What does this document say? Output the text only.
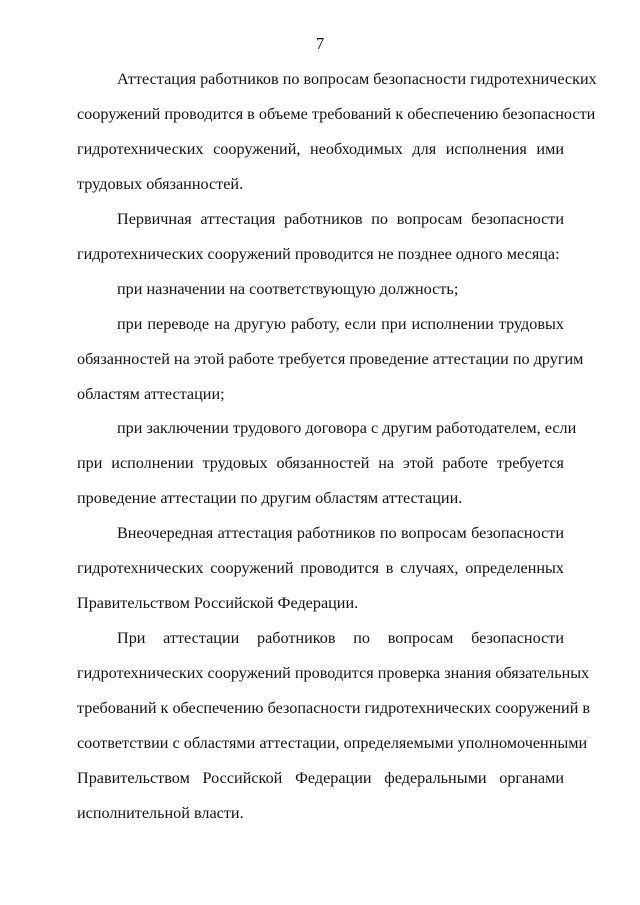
7
Аттестация работников по вопросам безопасности гидротехнических
сооружений проводится в объеме требований к обеспечению безопасности
гидротехнических сооружений, необходимых для исполнения ими
трудовых обязанностей.
Первичная аттестация работников по вопросам безопасности
гидротехнических сооружений проводится не позднее одного месяца:
при назначении на соответствующую должность;
при переводе на другую работу, если при исполнении трудовых
обязанностей на этой работе требуется проведение аттестации по другим
областям аттестации;
при заключении трудового договора с другим работодателем, если
при исполнении трудовых обязанностей на этой работе требуется
проведение аттестации по другим областям аттестации.
Внеочередная аттестация работников по вопросам безопасности
гидротехнических сооружений проводится в случаях, определенных
Правительством Российской Федерации.
При аттестации работников по вопросам безопасности
гидротехнических сооружений проводится проверка знания обязательных
требований к обеспечению безопасности гидротехнических сооружений в
соответствии с областями аттестации, определяемыми уполномоченными
Правительством Российской Федерации федеральными органами
исполнительной власти.
